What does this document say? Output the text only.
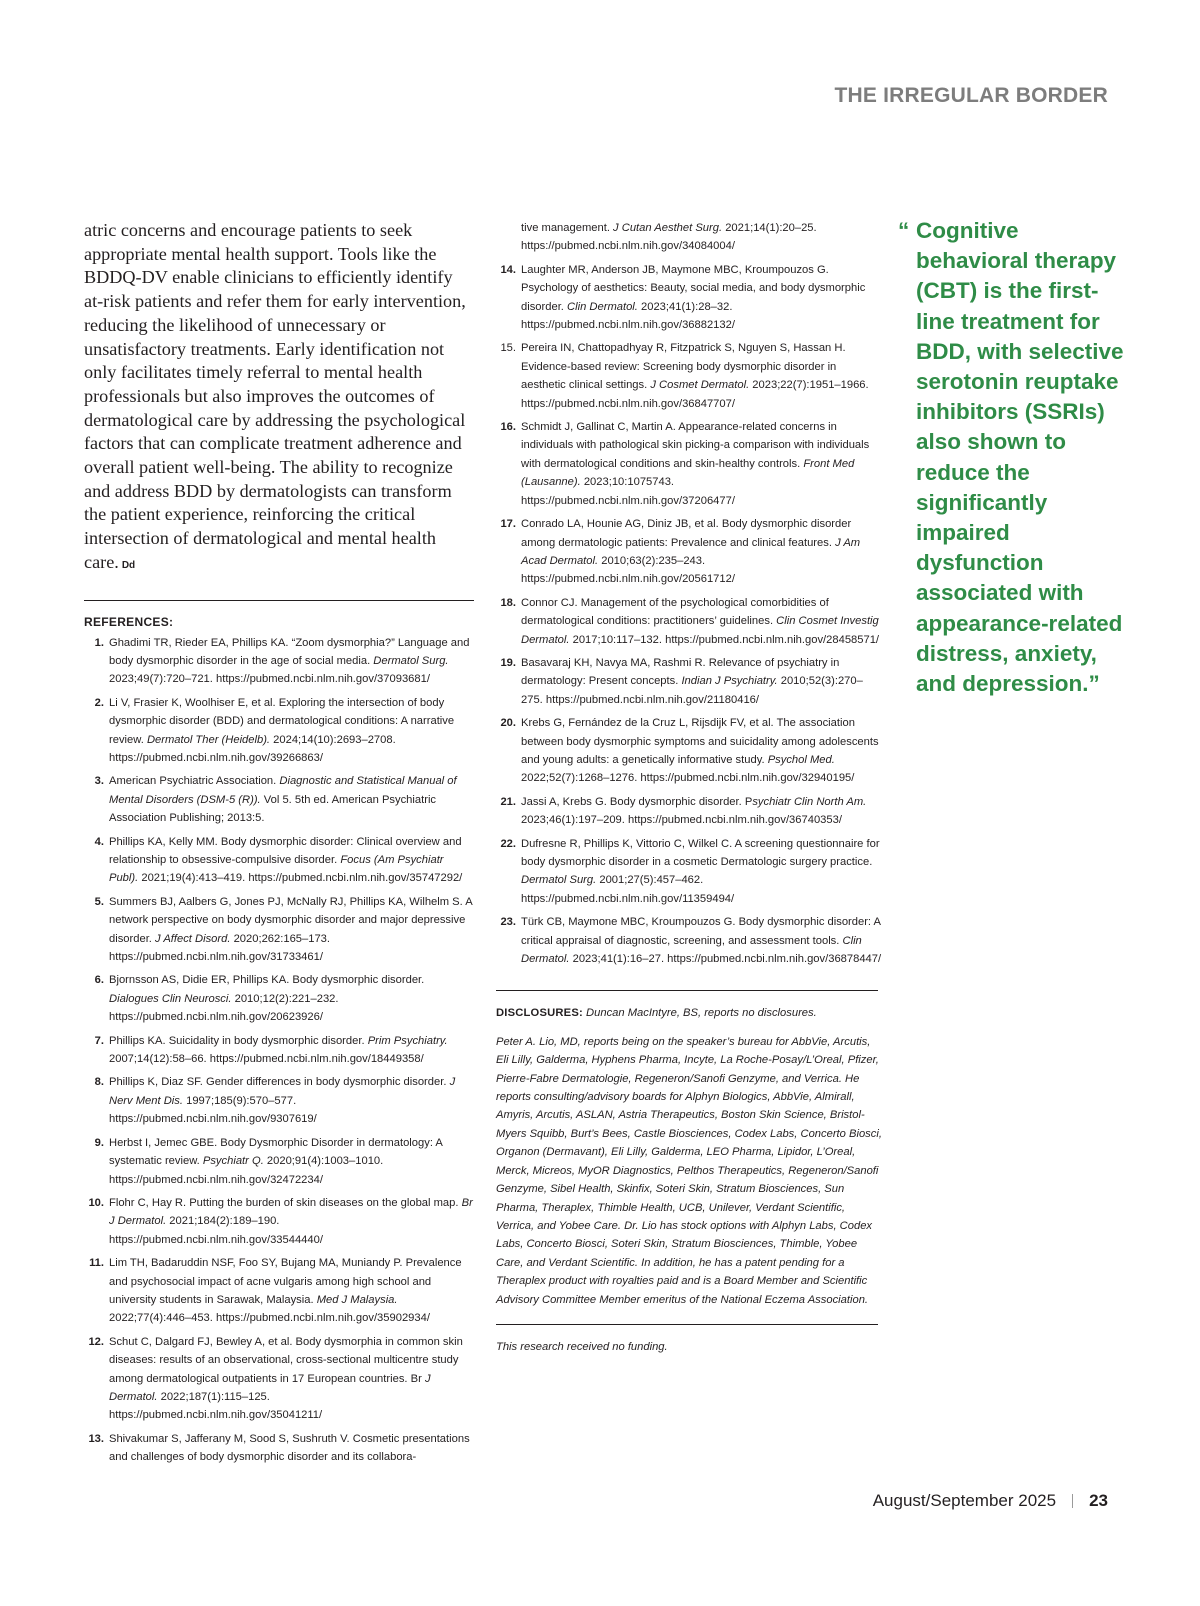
THE IRREGULAR BORDER

atric concerns and encourage patients to seek appropriate mental health support. Tools like the BDDQ-DV enable clinicians to efficiently identify at-risk patients and refer them for early intervention, reducing the likelihood of unnecessary or unsatisfactory treatments. Early identification not only facilitates timely referral to mental health professionals but also improves the outcomes of dermatological care by addressing the psychological factors that can complicate treatment adherence and overall patient well-being. The ability to recognize and address BDD by dermatologists can transform the patient experience, reinforcing the critical intersection of dermatological and mental health care. Dd

REFERENCES:
1. Ghadimi TR, Rieder EA, Phillips KA. “Zoom dysmorphia?” Language and body dysmorphic disorder in the age of social media. Dermatol Surg. 2023;49(7):720–721. https://pubmed.ncbi.nlm.nih.gov/37093681/
2. Li V, Frasier K, Woolhiser E, et al. Exploring the intersection of body dysmorphic disorder (BDD) and dermatological conditions: A narrative review. Dermatol Ther (Heidelb). 2024;14(10):2693–2708. https://pubmed.ncbi.nlm.nih.gov/39266863/
3. American Psychiatric Association. Diagnostic and Statistical Manual of Mental Disorders (DSM-5 (R)). Vol 5. 5th ed. American Psychiatric Association Publishing; 2013:5.
4. Phillips KA, Kelly MM. Body dysmorphic disorder: Clinical overview and relationship to obsessive-compulsive disorder. Focus (Am Psychiatr Publ). 2021;19(4):413–419. https://pubmed.ncbi.nlm.nih.gov/35747292/
5. Summers BJ, Aalbers G, Jones PJ, McNally RJ, Phillips KA, Wilhelm S. A network perspective on body dysmorphic disorder and major depressive disorder. J Affect Disord. 2020;262:165–173. https://pubmed.ncbi.nlm.nih.gov/31733461/
6. Bjornsson AS, Didie ER, Phillips KA. Body dysmorphic disorder. Dialogues Clin Neurosci. 2010;12(2):221–232. https://pubmed.ncbi.nlm.nih.gov/20623926/
7. Phillips KA. Suicidality in body dysmorphic disorder. Prim Psychiatry. 2007;14(12):58–66. https://pubmed.ncbi.nlm.nih.gov/18449358/
8. Phillips K, Diaz SF. Gender differences in body dysmorphic disorder. J Nerv Ment Dis. 1997;185(9):570–577. https://pubmed.ncbi.nlm.nih.gov/9307619/
9. Herbst I, Jemec GBE. Body Dysmorphic Disorder in dermatology: A systematic review. Psychiatr Q. 2020;91(4):1003–1010. https://pubmed.ncbi.nlm.nih.gov/32472234/
10. Flohr C, Hay R. Putting the burden of skin diseases on the global map. Br J Dermatol. 2021;184(2):189–190. https://pubmed.ncbi.nlm.nih.gov/33544440/
11. Lim TH, Badaruddin NSF, Foo SY, Bujang MA, Muniandy P. Prevalence and psychosocial impact of acne vulgaris among high school and university students in Sarawak, Malaysia. Med J Malaysia. 2022;77(4):446–453. https://pubmed.ncbi.nlm.nih.gov/35902934/
12. Schut C, Dalgard FJ, Bewley A, et al. Body dysmorphia in common skin diseases: results of an observational, cross-sectional multicentre study among dermatological outpatients in 17 European countries. Br J Dermatol. 2022;187(1):115–125. https://pubmed.ncbi.nlm.nih.gov/35041211/
13. Shivakumar S, Jafferany M, Sood S, Sushruth V. Cosmetic presentations and challenges of body dysmorphic disorder and its collabora-
tive management. J Cutan Aesthet Surg. 2021;14(1):20–25. https://pubmed.ncbi.nlm.nih.gov/34084004/
14. Laughter MR, Anderson JB, Maymone MBC, Kroumpouzos G. Psychology of aesthetics: Beauty, social media, and body dysmorphic disorder. Clin Dermatol. 2023;41(1):28–32. https://pubmed.ncbi.nlm.nih.gov/36882132/
15. Pereira IN, Chattopadhyay R, Fitzpatrick S, Nguyen S, Hassan H. Evidence-based review: Screening body dysmorphic disorder in aesthetic clinical settings. J Cosmet Dermatol. 2023;22(7):1951–1966. https://pubmed.ncbi.nlm.nih.gov/36847707/
16. Schmidt J, Gallinat C, Martin A. Appearance-related concerns in individuals with pathological skin picking-a comparison with individuals with dermatological conditions and skin-healthy controls. Front Med (Lausanne). 2023;10:1075743. https://pubmed.ncbi.nlm.nih.gov/37206477/
17. Conrado LA, Hounie AG, Diniz JB, et al. Body dysmorphic disorder among dermatologic patients: Prevalence and clinical features. J Am Acad Dermatol. 2010;63(2):235–243. https://pubmed.ncbi.nlm.nih.gov/20561712/
18. Connor CJ. Management of the psychological comorbidities of dermatological conditions: practitioners’ guidelines. Clin Cosmet Investig Dermatol. 2017;10:117–132. https://pubmed.ncbi.nlm.nih.gov/28458571/
19. Basavaraj KH, Navya MA, Rashmi R. Relevance of psychiatry in dermatology: Present concepts. Indian J Psychiatry. 2010;52(3):270–275. https://pubmed.ncbi.nlm.nih.gov/21180416/
20. Krebs G, Fernández de la Cruz L, Rijsdijk FV, et al. The association between body dysmorphic symptoms and suicidality among adolescents and young adults: a genetically informative study. Psychol Med. 2022;52(7):1268–1276. https://pubmed.ncbi.nlm.nih.gov/32940195/
21. Jassi A, Krebs G. Body dysmorphic disorder. Psychiatr Clin North Am. 2023;46(1):197–209. https://pubmed.ncbi.nlm.nih.gov/36740353/
22. Dufresne R, Phillips K, Vittorio C, Wilkel C. A screening questionnaire for body dysmorphic disorder in a cosmetic Dermatologic surgery practice. Dermatol Surg. 2001;27(5):457–462. https://pubmed.ncbi.nlm.nih.gov/11359494/
23. Türk CB, Maymone MBC, Kroumpouzos G. Body dysmorphic disorder: A critical appraisal of diagnostic, screening, and assessment tools. Clin Dermatol. 2023;41(1):16–27. https://pubmed.ncbi.nlm.nih.gov/36878447/
DISCLOSURES: Duncan MacIntyre, BS, reports no disclosures.

Peter A. Lio, MD, reports being on the speaker’s bureau for AbbVie, Arcutis, Eli Lilly, Galderma, Hyphens Pharma, Incyte, La Roche-Posay/L’Oreal, Pfizer, Pierre-Fabre Dermatologie, Regeneron/Sanofi Genzyme, and Verrica. He reports consulting/advisory boards for Alphyn Biologics, AbbVie, Almirall, Amyris, Arcutis, ASLAN, Astria Therapeutics, Boston Skin Science, Bristol-Myers Squibb, Burt’s Bees, Castle Biosciences, Codex Labs, Concerto Biosci, Organon (Dermavant), Eli Lilly, Galderma, LEO Pharma, Lipidor, L’Oreal, Merck, Micreos, MyOR Diagnostics, Pelthos Therapeutics, Regeneron/Sanofi Genzyme, Sibel Health, Skinfix, Soteri Skin, Stratum Biosciences, Sun Pharma, Theraplex, Thimble Health, UCB, Unilever, Verdant Scientific, Verrica, and Yobee Care. Dr. Lio has stock options with Alphyn Labs, Codex Labs, Concerto Biosci, Soteri Skin, Stratum Biosciences, Thimble, Yobee Care, and Verdant Scientific. In addition, he has a patent pending for a Theraplex product with royalties paid and is a Board Member and Scientific Advisory Committee Member emeritus of the National Eczema Association.

This research received no funding.

“ Cognitive behavioral therapy (CBT) is the first-line treatment for BDD, with selective serotonin reuptake inhibitors (SSRIs) also shown to reduce the significantly impaired dysfunction associated with appearance-related distress, anxiety, and depression.”
August/September 2025 23
